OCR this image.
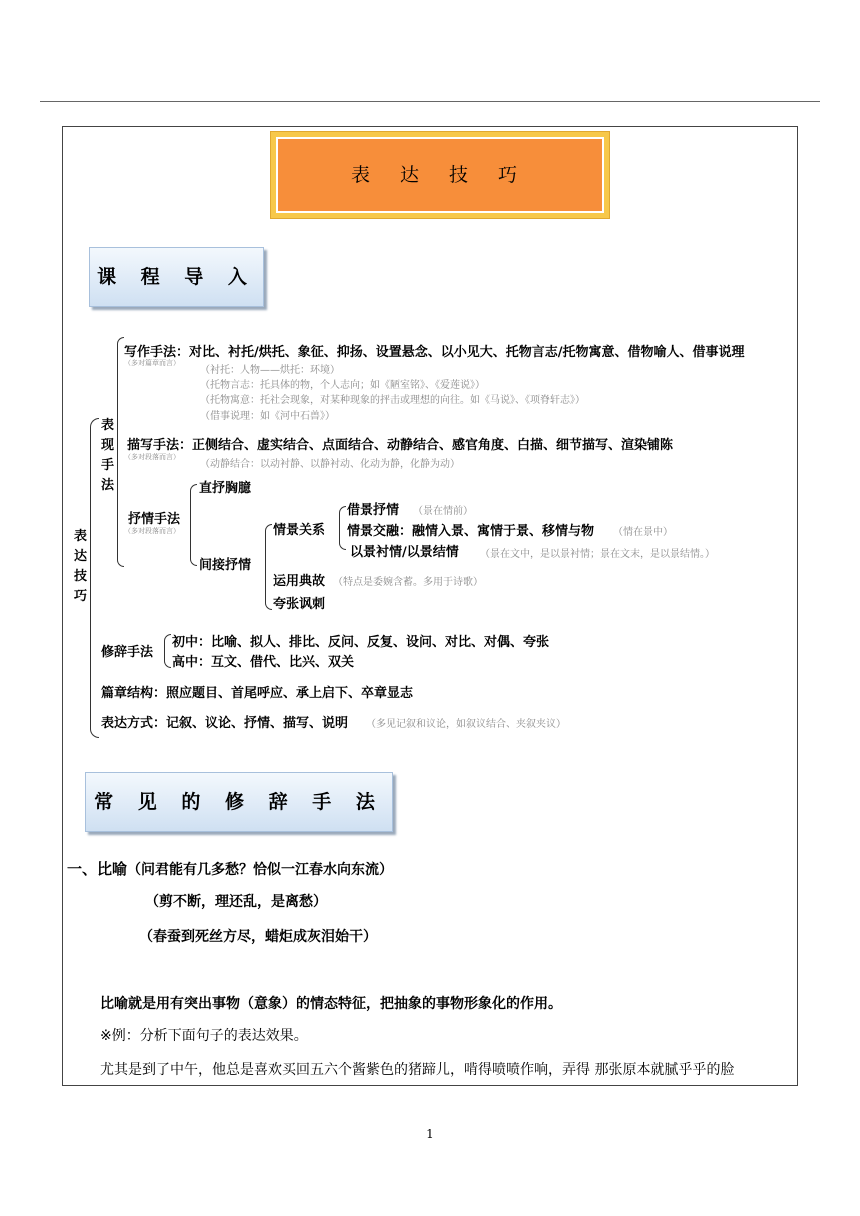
表 达 技 巧
课 程 导 入
表达技巧
表现手法
写作手法：对比、衬托/烘托、象征、抑扬、设置悬念、以小见大、托物言志/托物寓意、借物喻人、借事说理
（多对篇章而言）
（衬托：人物——烘托：环境）
（托物言志：托具体的物，个人志向；如《陋室铭》、《爱莲说》）
（托物寓意：托社会现象，对某种现象的抨击或理想的向往。如《马说》、《项脊轩志》）
（借事说理：如《河中石兽》）
描写手法：正侧结合、虚实结合、点面结合、动静结合、感官角度、白描、细节描写、渲染铺陈
（多对段落而言）
（动静结合：以动衬静、以静衬动、化动为静，化静为动）
抒情手法
（多对段落而言）
直抒胸臆
间接抒情
情景关系
借景抒情 （景在情前）
情景交融：融情入景、寓情于景、移情与物 （情在景中）
以景衬情/以景结情 （景在文中，是以景衬情；景在文末，是以景结情。）
运用典故 （特点是委婉含蓄。多用于诗歌）
夸张讽刺
修辞手法
初中：比喻、拟人、排比、反问、反复、设问、对比、对偶、夸张
高中：互文、借代、比兴、双关
篇章结构：照应题目、首尾呼应、承上启下、卒章显志
表达方式：记叙、议论、抒情、描写、说明 （多见记叙和议论，如叙议结合、夹叙夹议）
常 见 的 修 辞 手 法
一、比喻（问君能有几多愁？恰似一江春水向东流）
（剪不断，理还乱，是离愁）
（春蚕到死丝方尽，蜡炬成灰泪始干）
比喻就是用有突出事物（意象）的情态特征，把抽象的事物形象化的作用。
※例：分析下面句子的表达效果。
尤其是到了中午，他总是喜欢买回五六个酱紫色的猪蹄儿，啃得喷喷作响，弄得 那张原本就腻乎乎的脸
1
